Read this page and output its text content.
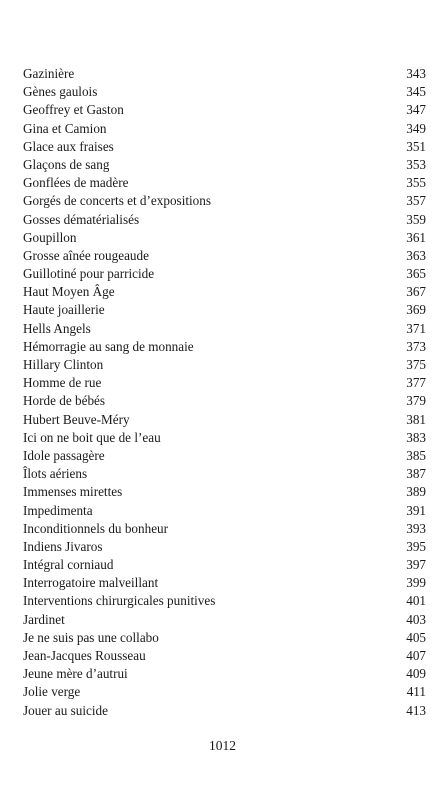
Gazinière	343
Gènes gaulois	345
Geoffrey et Gaston	347
Gina et Camion	349
Glace aux fraises	351
Glaçons de sang	353
Gonflées de madère	355
Gorgés de concerts et d’expositions	357
Gosses dématérialisés	359
Goupillon	361
Grosse aînée rougeaude	363
Guillotiné pour parricide	365
Haut Moyen Âge	367
Haute joaillerie	369
Hells Angels	371
Hémorragie au sang de monnaie	373
Hillary Clinton	375
Homme de rue	377
Horde de bébés	379
Hubert Beuve-Méry	381
Ici on ne boit que de l’eau	383
Idole passagère	385
Îlots aériens	387
Immenses mirettes	389
Impedimenta	391
Inconditionnels du bonheur	393
Indiens Jivaros	395
Intégral corniaud	397
Interrogatoire malveillant	399
Interventions chirurgicales punitives	401
Jardinet	403
Je ne suis pas une collabo	405
Jean-Jacques Rousseau	407
Jeune mère d’autrui	409
Jolie verge	411
Jouer au suicide	413
1012
